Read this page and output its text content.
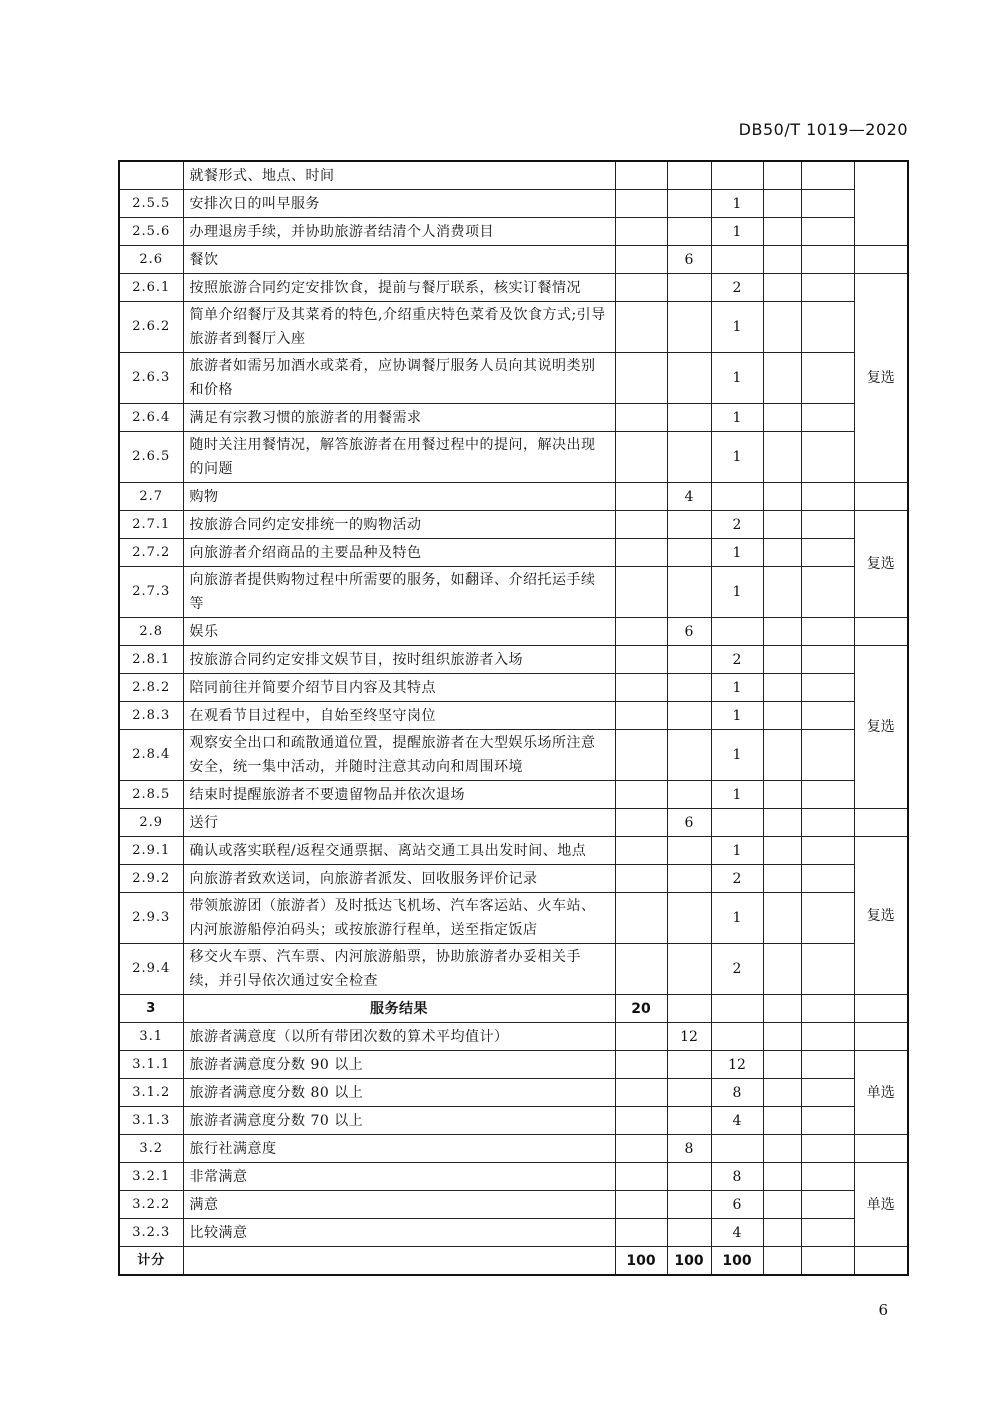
DB50/T 1019—2020
	就餐形式、地点、时间						
2.5.5	安排次日的叫早服务			1			
2.5.6	办理退房手续，并协助旅游者结清个人消费项目			1			
2.6	餐饮		6				
2.6.1	按照旅游合同约定安排饮食，提前与餐厅联系，核实订餐情况			2			复选
2.6.2	简单介绍餐厅及其菜肴的特色,介绍重庆特色菜肴及饮食方式;引导旅游者到餐厅入座			1			
2.6.3	旅游者如需另加酒水或菜肴，应协调餐厅服务人员向其说明类别和价格			1			
2.6.4	满足有宗教习惯的旅游者的用餐需求			1			
2.6.5	随时关注用餐情况，解答旅游者在用餐过程中的提问，解决出现的问题			1			
2.7	购物		4				
2.7.1	按旅游合同约定安排统一的购物活动			2			复选
2.7.2	向旅游者介绍商品的主要品种及特色			1			
2.7.3	向旅游者提供购物过程中所需要的服务，如翻译、介绍托运手续等			1			
2.8	娱乐		6				
2.8.1	按旅游合同约定安排文娱节目，按时组织旅游者入场			2			复选
2.8.2	陪同前往并简要介绍节目内容及其特点			1			
2.8.3	在观看节目过程中，自始至终坚守岗位			1			
2.8.4	观察安全出口和疏散通道位置，提醒旅游者在大型娱乐场所注意安全，统一集中活动，并随时注意其动向和周围环境			1			
2.8.5	结束时提醒旅游者不要遗留物品并依次退场			1			
2.9	送行		6				
2.9.1	确认或落实联程/返程交通票据、离站交通工具出发时间、地点			1			复选
2.9.2	向旅游者致欢送词，向旅游者派发、回收服务评价记录			2			
2.9.3	带领旅游团（旅游者）及时抵达飞机场、汽车客运站、火车站、内河旅游船停泊码头；或按旅游行程单，送至指定饭店			1			
2.9.4	移交火车票、汽车票、内河旅游船票，协助旅游者办妥相关手续，并引导依次通过安全检查			2			
3	服务结果	20					
3.1	旅游者满意度（以所有带团次数的算术平均值计）		12				
3.1.1	旅游者满意度分数 90 以上			12			单选
3.1.2	旅游者满意度分数 80 以上			8			
3.1.3	旅游者满意度分数 70 以上			4			
3.2	旅行社满意度		8				
3.2.1	非常满意			8			单选
3.2.2	满意			6			
3.2.3	比较满意			4			
计分		100	100	100			
6
